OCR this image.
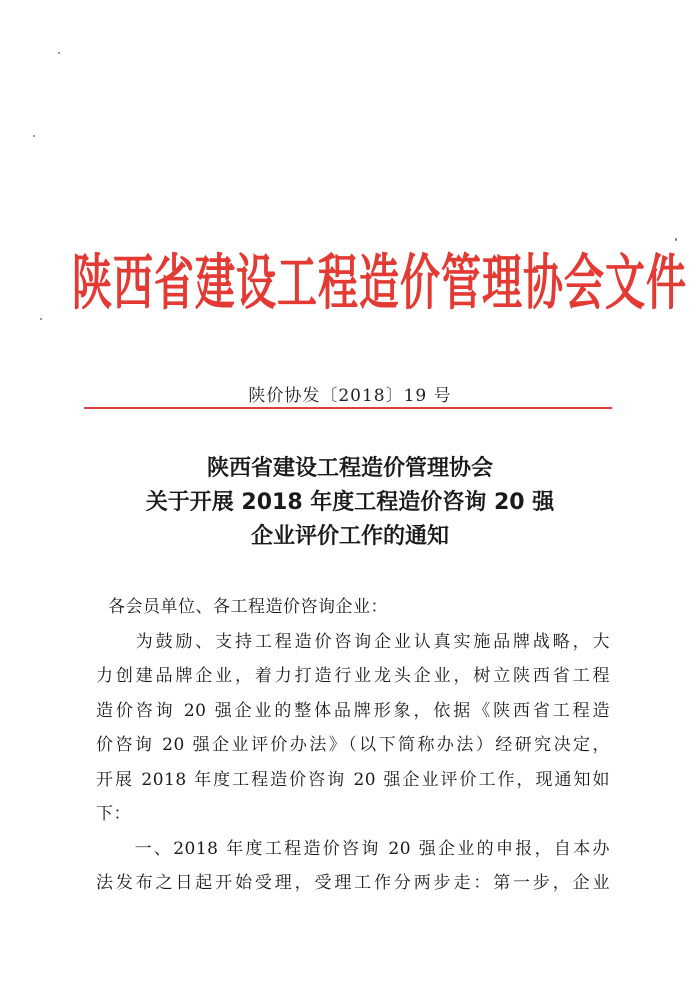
陕西省建设工程造价管理协会文件
陕价协发〔2018〕19 号
陕西省建设工程造价管理协会
关于开展 2018 年度工程造价咨询 20 强
企业评价工作的通知
各会员单位、各工程造价咨询企业：
　　为鼓励、支持工程造价咨询企业认真实施品牌战略，大
力创建品牌企业，着力打造行业龙头企业，树立陕西省工程
造价咨询 20 强企业的整体品牌形象，依据《陕西省工程造
价咨询 20 强企业评价办法》（以下简称办法）经研究决定，
开展 2018 年度工程造价咨询 20 强企业评价工作，现通知如
下：
　　一、2018 年度工程造价咨询 20 强企业的申报，自本办
法发布之日起开始受理，受理工作分两步走：第一步，企业
